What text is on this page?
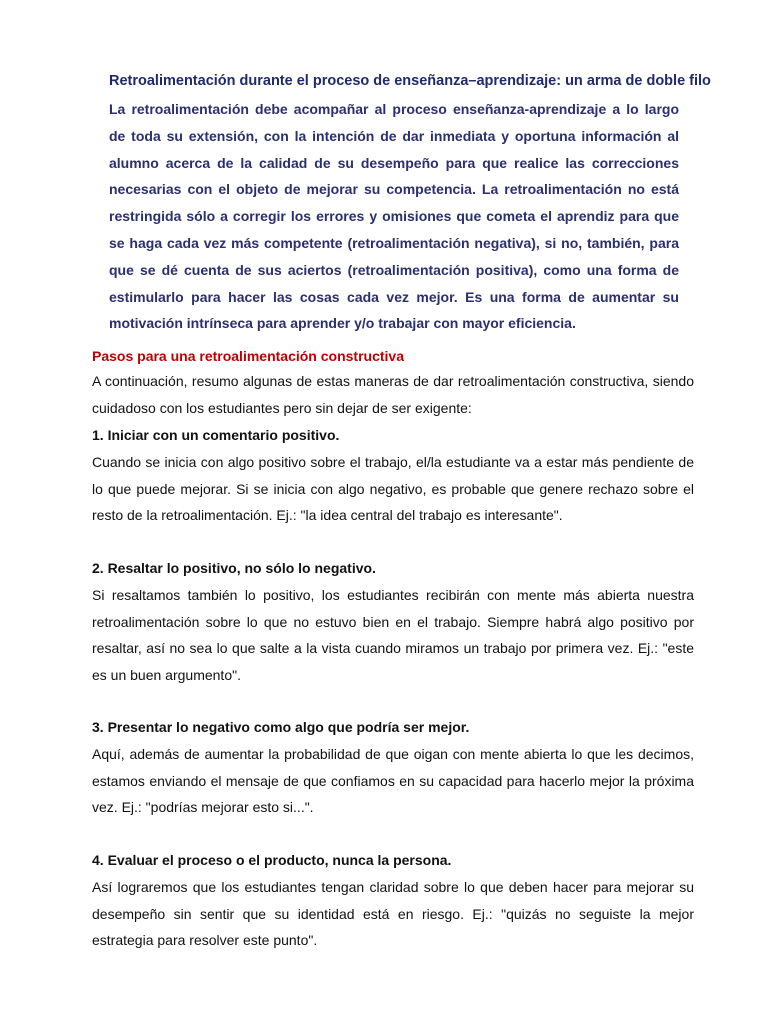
Retroalimentación durante el proceso de enseñanza–aprendizaje: un arma de doble filo
La retroalimentación debe acompañar al proceso enseñanza-aprendizaje a lo largo de toda su extensión, con la intención de dar inmediata y oportuna información al alumno acerca de la calidad de su desempeño para que realice las correcciones necesarias con el objeto de mejorar su competencia. La retroalimentación no está restringida sólo a corregir los errores y omisiones que cometa el aprendiz para que se haga cada vez más competente (retroalimentación negativa), si no, también, para que se dé cuenta de sus aciertos (retroalimentación positiva), como una forma de estimularlo para hacer las cosas cada vez mejor. Es una forma de aumentar su motivación intrínseca para aprender y/o trabajar con mayor eficiencia.
Pasos para una retroalimentación constructiva
A continuación, resumo algunas de estas maneras de dar retroalimentación constructiva, siendo cuidadoso con los estudiantes pero sin dejar de ser exigente:
1. Iniciar con un comentario positivo.
Cuando se inicia con algo positivo sobre el trabajo, el/la estudiante va a estar más pendiente de lo que puede mejorar. Si se inicia con algo negativo, es probable que genere rechazo sobre el resto de la retroalimentación. Ej.: "la idea central del trabajo es interesante".
2. Resaltar lo positivo, no sólo lo negativo.
Si resaltamos también lo positivo, los estudiantes recibirán con mente más abierta nuestra retroalimentación sobre lo que no estuvo bien en el trabajo. Siempre habrá algo positivo por resaltar, así no sea lo que salte a la vista cuando miramos un trabajo por primera vez. Ej.: "este es un buen argumento".
3. Presentar lo negativo como algo que podría ser mejor.
Aquí, además de aumentar la probabilidad de que oigan con mente abierta lo que les decimos, estamos enviando el mensaje de que confiamos en su capacidad para hacerlo mejor la próxima vez. Ej.: "podrías mejorar esto si...".
4. Evaluar el proceso o el producto, nunca la persona.
Así lograremos que los estudiantes tengan claridad sobre lo que deben hacer para mejorar su desempeño sin sentir que su identidad está en riesgo. Ej.: "quizás no seguiste la mejor estrategia para resolver este punto".
